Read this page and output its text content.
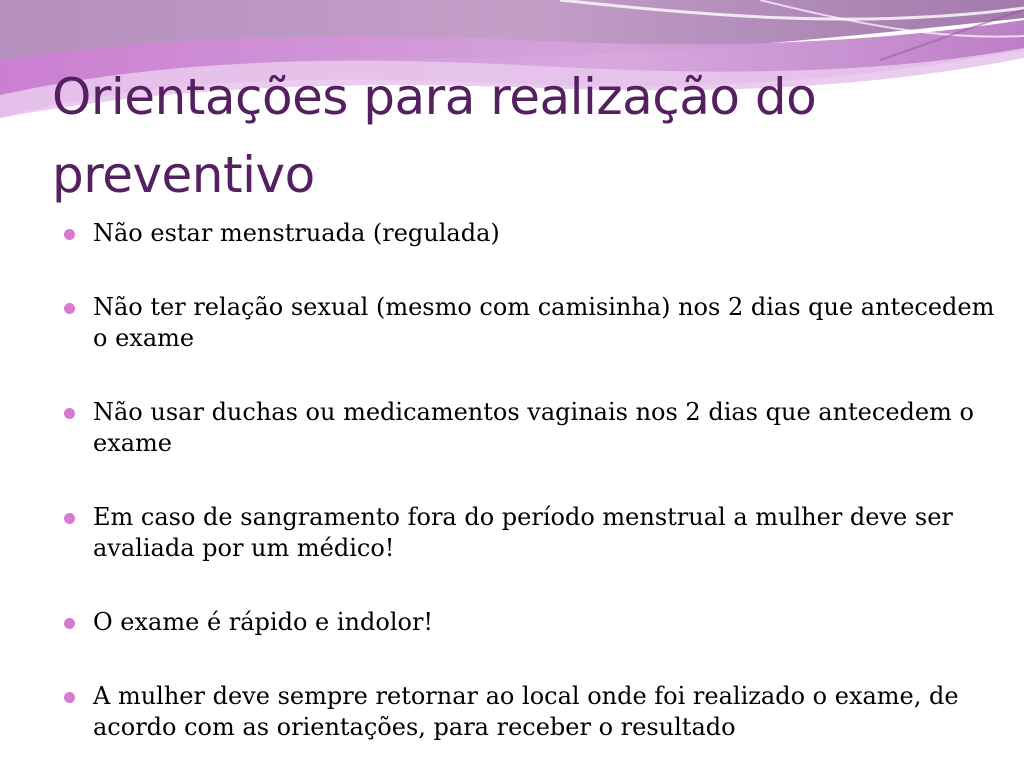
Orientações para realização do preventivo
Não estar menstruada (regulada)
Não ter relação sexual (mesmo com camisinha) nos 2 dias que antecedem o exame
Não usar duchas ou medicamentos vaginais nos 2 dias que antecedem o exame
Em caso de sangramento fora do período menstrual a mulher deve ser avaliada por um médico!
O exame é rápido e indolor!
A mulher deve sempre retornar ao local onde foi realizado o exame, de acordo com as orientações, para receber o resultado
